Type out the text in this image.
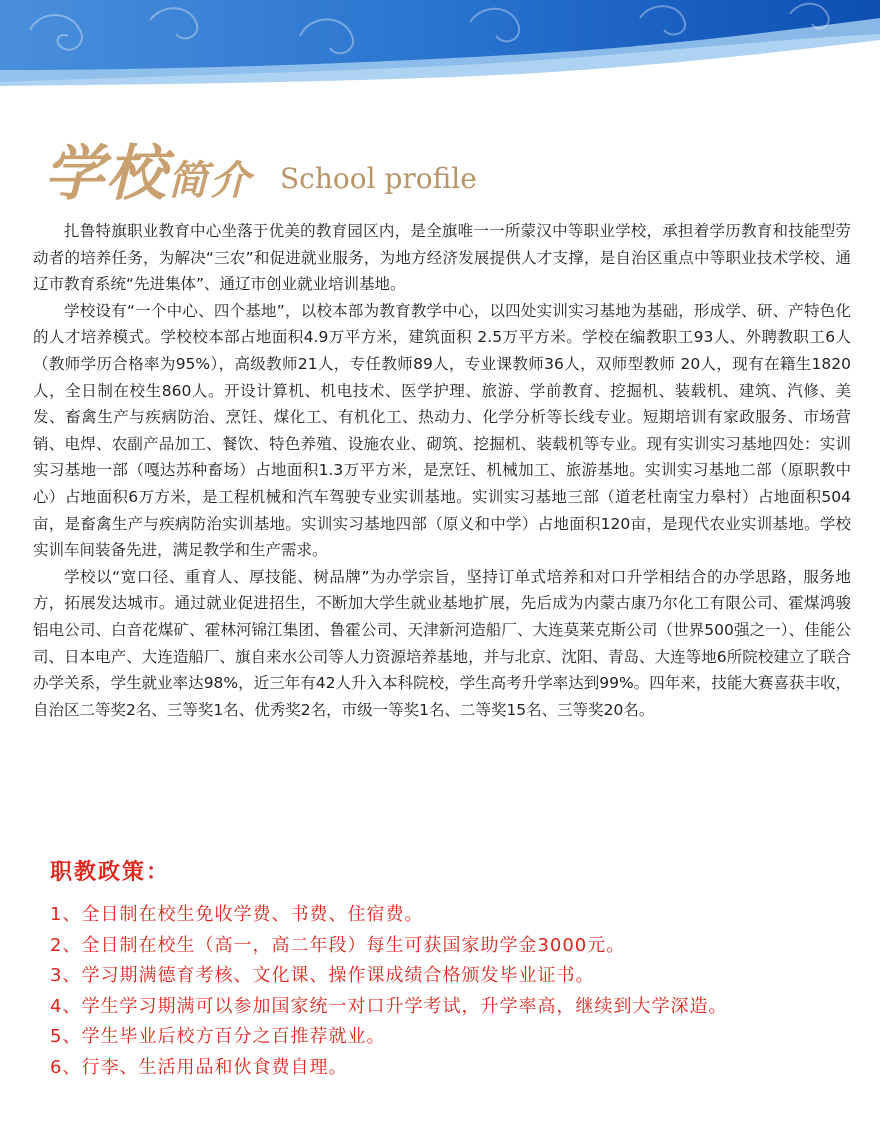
学校简介 School profile

扎鲁特旗职业教育中心坐落于优美的教育园区内，是全旗唯一一所蒙汉中等职业学校，承担着学历教育和技能型劳动者的培养任务，为解决“三农”和促进就业服务，为地方经济发展提供人才支撑，是自治区重点中等职业技术学校、通辽市教育系统“先进集体”、通辽市创业就业培训基地。

学校设有“一个中心、四个基地”，以校本部为教育教学中心，以四处实训实习基地为基础，形成学、研、产特色化的人才培养模式。学校校本部占地面积4.9万平方米，建筑面积 2.5万平方米。学校在编教职工93人、外聘教职工6人（教师学历合格率为95%），高级教师21人，专任教师89人，专业课教师36人，双师型教师 20人，现有在籍生1820人，全日制在校生860人。开设计算机、机电技术、医学护理、旅游、学前教育、挖掘机、装载机、建筑、汽修、美发、畜禽生产与疾病防治、烹饪、煤化工、有机化工、热动力、化学分析等长线专业。短期培训有家政服务、市场营销、电焊、农副产品加工、餐饮、特色养殖、设施农业、砌筑、挖掘机、装载机等专业。现有实训实习基地四处：实训实习基地一部（嘎达苏种畜场）占地面积1.3万平方米，是烹饪、机械加工、旅游基地。实训实习基地二部（原职教中心）占地面积6万方米，是工程机械和汽车驾驶专业实训基地。实训实习基地三部（道老杜南宝力皋村）占地面积504亩，是畜禽生产与疾病防治实训基地。实训实习基地四部（原义和中学）占地面积120亩，是现代农业实训基地。学校实训车间装备先进，满足教学和生产需求。

学校以“宽口径、重育人、厚技能、树品牌”为办学宗旨，坚持订单式培养和对口升学相结合的办学思路，服务地方，拓展发达城市。通过就业促进招生，不断加大学生就业基地扩展，先后成为内蒙古康乃尔化工有限公司、霍煤鸿骏铝电公司、白音花煤矿、霍林河锦江集团、鲁霍公司、天津新河造船厂、大连莫莱克斯公司（世界500强之一）、佳能公司、日本电产、大连造船厂、旗自来水公司等人力资源培养基地，并与北京、沈阳、青岛、大连等地6所院校建立了联合办学关系，学生就业率达98%，近三年有42人升入本科院校，学生高考升学率达到99%。四年来，技能大赛喜获丰收，自治区二等奖2名、三等奖1名、优秀奖2名，市级一等奖1名、二等奖15名、三等奖20名。

职教政策：
1、全日制在校生免收学费、书费、住宿费。
2、全日制在校生（高一，高二年段）每生可获国家助学金3000元。
3、学习期满德育考核、文化课、操作课成绩合格颁发毕业证书。
4、学生学习期满可以参加国家统一对口升学考试，升学率高，继续到大学深造。
5、学生毕业后校方百分之百推荐就业。
6、行李、生活用品和伙食费自理。
